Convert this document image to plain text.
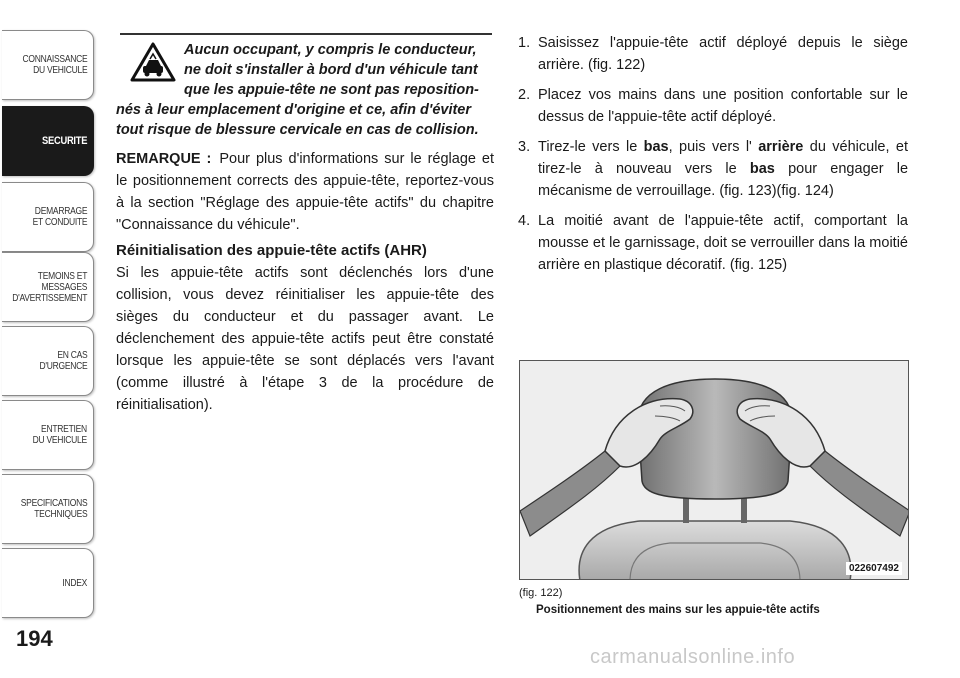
CONNAISSANCE
DU VEHICULE
SECURITE
DEMARRAGE
ET CONDUITE
TEMOINS ET
MESSAGES
D'AVERTISSEMENT
EN CAS
D'URGENCE
ENTRETIEN
DU VEHICULE
SPECIFICATIONS
TECHNIQUES
INDEX
194
Aucun occupant, y compris le conducteur,
ne doit s'installer à bord d'un véhicule tant
que les appuie-tête ne sont pas reposition-
nés à leur emplacement d'origine et ce, afin d'éviter
tout risque de blessure cervicale en cas de collision.
REMARQUE : Pour plus d'informations sur le réglage et le positionnement corrects des appuie-tête, reportez-vous à la section "Réglage des appuie-tête actifs" du chapitre "Connaissance du véhicule".
Réinitialisation des appuie-tête actifs (AHR)
Si les appuie-tête actifs sont déclenchés lors d'une collision, vous devez réinitialiser les appuie-tête des sièges du conducteur et du passager avant. Le déclenchement des appuie-tête actifs peut être constaté lorsque les appuie-tête se sont déplacés vers l'avant (comme illustré à l'étape 3 de la procédure de réinitialisation).
1. Saisissez l'appuie-tête actif déployé depuis le siège arrière. (fig. 122)
2. Placez vos mains dans une position confortable sur le dessus de l'appuie-tête actif déployé.
3. Tirez-le vers le bas, puis vers l' arrière du véhicule, et tirez-le à nouveau vers le bas pour engager le mécanisme de verrouillage. (fig. 123)(fig. 124)
4. La moitié avant de l'appuie-tête actif, comportant la mousse et le garnissage, doit se verrouiller dans la moitié arrière en plastique décoratif. (fig. 125)
022607492
(fig. 122)
Positionnement des mains sur les appuie-tête actifs
carmanualsonline.info
